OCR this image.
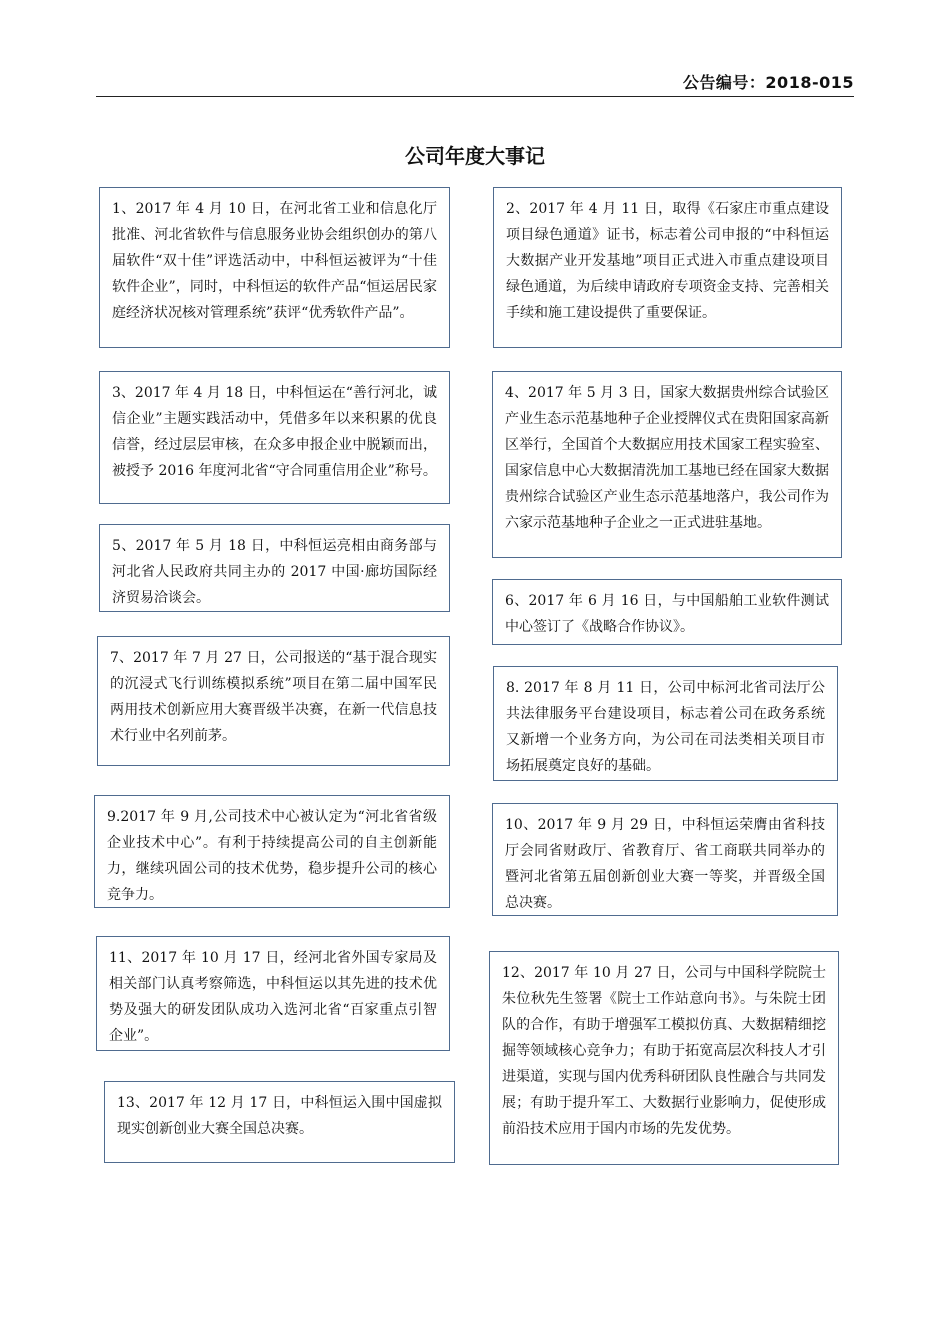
公告编号：2018-015
公司年度大事记
1、2017 年 4 月 10 日，在河北省工业和信息化厅批准、河北省软件与信息服务业协会组织创办的第八届软件“双十佳”评选活动中，中科恒运被评为“十佳软件企业”，同时，中科恒运的软件产品“恒运居民家庭经济状况核对管理系统”获评“优秀软件产品”。
3、2017 年 4 月 18 日，中科恒运在“善行河北，诚信企业”主题实践活动中，凭借多年以来积累的优良信誉，经过层层审核，在众多申报企业中脱颖而出，被授予 2016 年度河北省“守合同重信用企业”称号。
5、2017 年 5 月 18 日，中科恒运亮相由商务部与河北省人民政府共同主办的 2017 中国·廊坊国际经济贸易洽谈会。
7、2017 年 7 月 27 日，公司报送的“基于混合现实的沉浸式飞行训练模拟系统”项目在第二届中国军民两用技术创新应用大赛晋级半决赛，在新一代信息技术行业中名列前茅。
9.2017 年 9 月,公司技术中心被认定为“河北省省级企业技术中心”。有利于持续提高公司的自主创新能力，继续巩固公司的技术优势，稳步提升公司的核心竞争力。
11、2017 年 10 月 17 日，经河北省外国专家局及相关部门认真考察筛选，中科恒运以其先进的技术优势及强大的研发团队成功入选河北省“百家重点引智企业”。
13、2017 年 12 月 17 日，中科恒运入围中国虚拟现实创新创业大赛全国总决赛。
2、2017 年 4 月 11 日，取得《石家庄市重点建设项目绿色通道》证书，标志着公司申报的“中科恒运大数据产业开发基地”项目正式进入市重点建设项目绿色通道，为后续申请政府专项资金支持、完善相关手续和施工建设提供了重要保证。
4、2017 年 5 月 3 日，国家大数据贵州综合试验区产业生态示范基地种子企业授牌仪式在贵阳国家高新区举行，全国首个大数据应用技术国家工程实验室、国家信息中心大数据清洗加工基地已经在国家大数据贵州综合试验区产业生态示范基地落户，我公司作为六家示范基地种子企业之一正式进驻基地。
6、2017 年 6 月 16 日，与中国船舶工业软件测试中心签订了《战略合作协议》。
8. 2017 年 8 月 11 日，公司中标河北省司法厅公共法律服务平台建设项目，标志着公司在政务系统又新增一个业务方向，为公司在司法类相关项目市场拓展奠定良好的基础。
10、2017 年 9 月 29 日，中科恒运荣膺由省科技厅会同省财政厅、省教育厅、省工商联共同举办的暨河北省第五届创新创业大赛一等奖，并晋级全国总决赛。
12、2017 年 10 月 27 日，公司与中国科学院院士朱位秋先生签署《院士工作站意向书》。与朱院士团队的合作，有助于增强军工模拟仿真、大数据精细挖掘等领域核心竞争力；有助于拓宽高层次科技人才引进渠道，实现与国内优秀科研团队良性融合与共同发展；有助于提升军工、大数据行业影响力，促使形成前沿技术应用于国内市场的先发优势。
